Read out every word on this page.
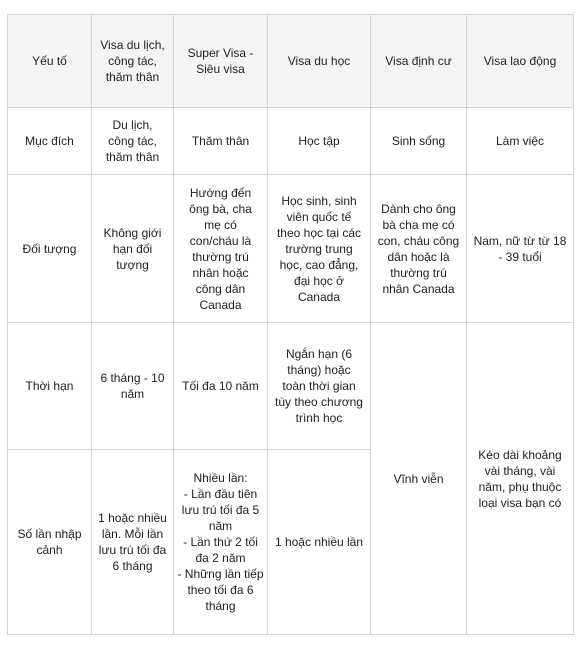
Yếu tố	Visa du lịch, công tác, thăm thân	Super Visa - Siêu visa	Visa du học	Visa định cư	Visa lao động
Mục đích	Du lịch, công tác, thăm thân	Thăm thân	Học tập	Sinh sống	Làm việc
Đối tượng	Không giới hạn đối tượng	Hướng đến ông bà, cha mẹ có con/cháu là thường trú nhân hoặc công dân Canada	Học sinh, sinh viên quốc tế theo học tại các trường trung học, cao đẳng, đại học ở Canada	Dành cho ông bà cha mẹ có con, cháu công dân hoặc là thường trú nhân Canada	Nam, nữ từ từ 18 - 39 tuổi
Thời hạn	6 tháng - 10 năm	Tối đa 10 năm	Ngắn hạn (6 tháng) hoặc toàn thời gian tùy theo chương trình học	Vĩnh viễn	Kéo dài khoảng vài tháng, vài năm, phụ thuộc loại visa bạn có
Số lần nhập cảnh	1 hoặc nhiều lần. Mỗi lần lưu trú tối đa 6 tháng	Nhiều lần:
- Lần đầu tiên lưu trú tối đa 5 năm
- Lần thứ 2 tối đa 2 năm
- Những lần tiếp theo tối đa 6 tháng	1 hoặc nhiều lần		
